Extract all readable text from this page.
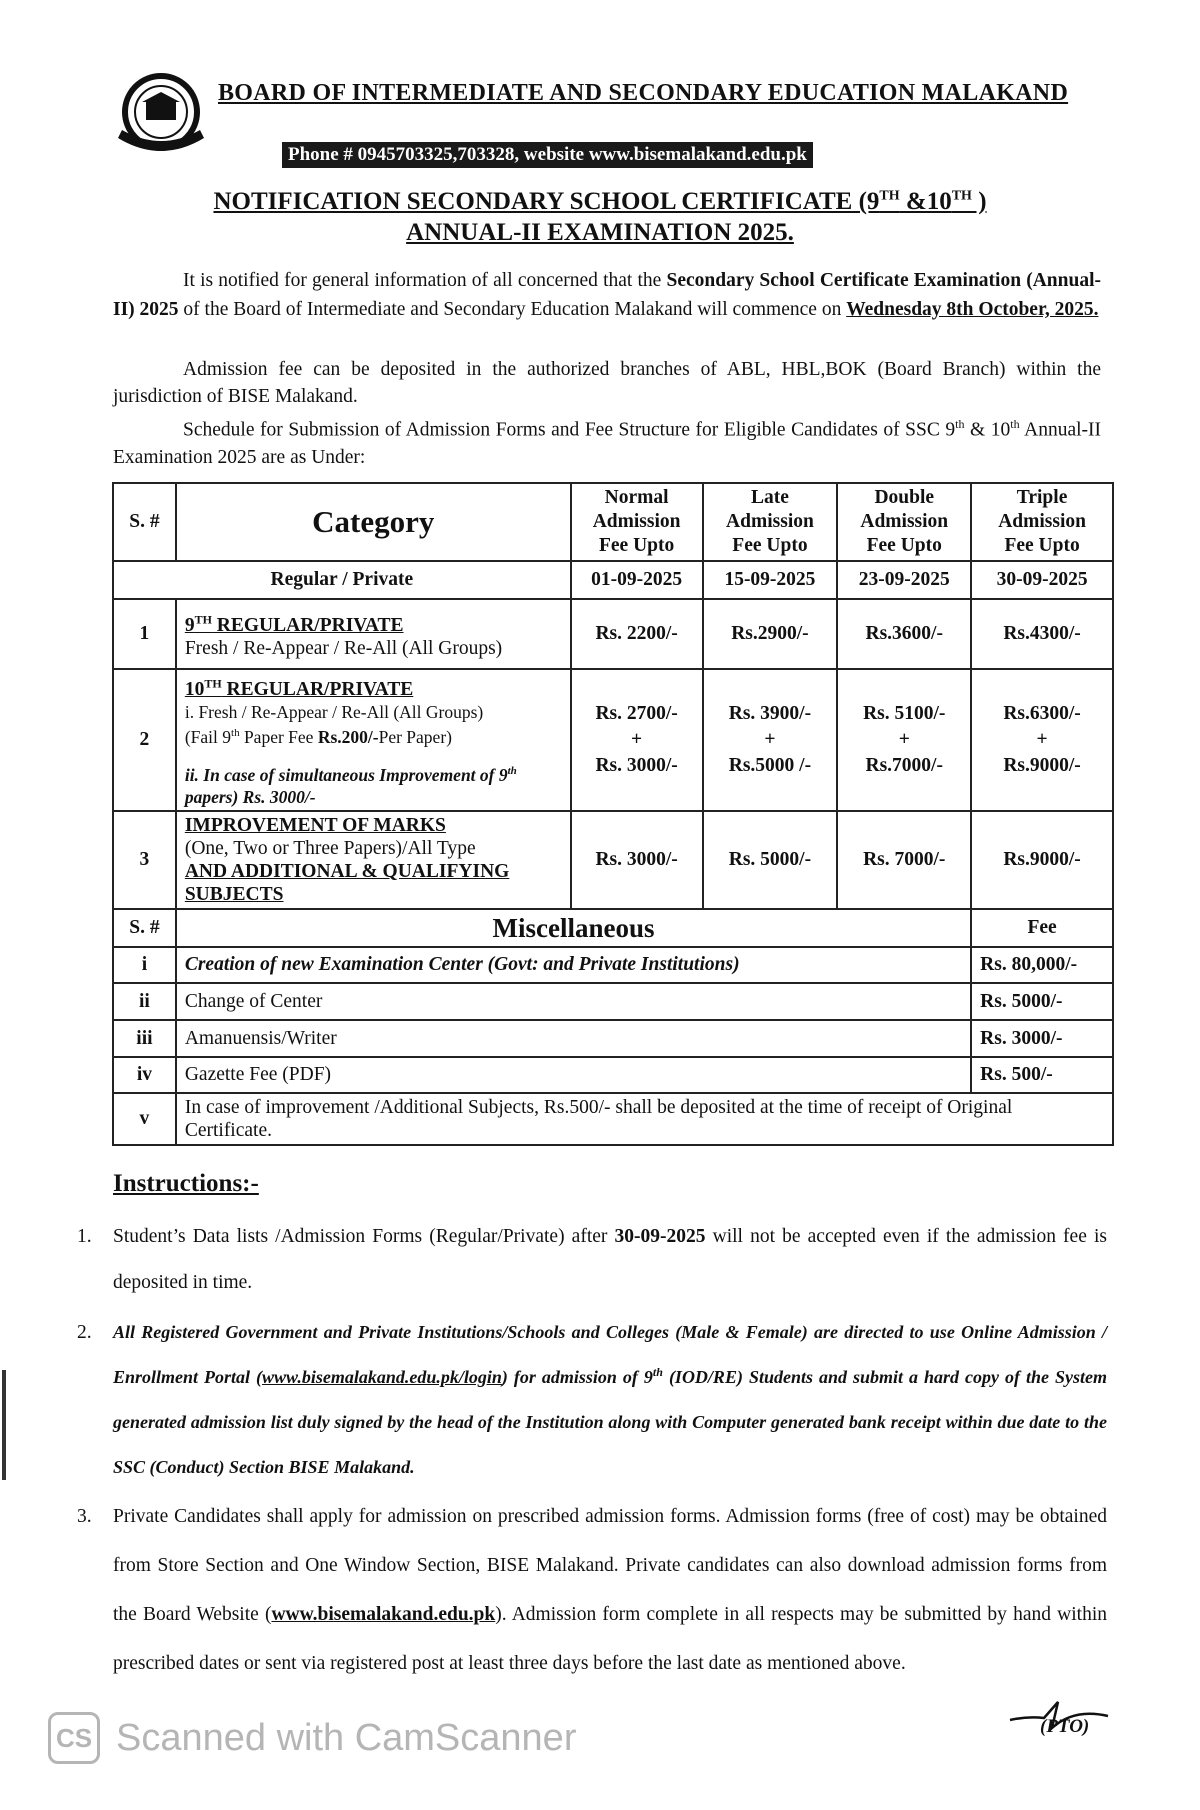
BOARD OF INTERMEDIATE AND SECONDARY EDUCATION MALAKAND
Phone # 0945703325,703328, website www.bisemalakand.edu.pk
NOTIFICATION SECONDARY SCHOOL CERTIFICATE (9TH &10TH )
ANNUAL-II EXAMINATION 2025.
It is notified for general information of all concerned that the Secondary School Certificate Examination (Annual-II) 2025 of the Board of Intermediate and Secondary Education Malakand will commence on Wednesday 8th October, 2025.
Admission fee can be deposited in the authorized branches of ABL, HBL,BOK (Board Branch) within the jurisdiction of BISE Malakand.
Schedule for Submission of Admission Forms and Fee Structure for Eligible Candidates of SSC 9th & 10th Annual-II Examination 2025 are as Under:
S. #	Category	Normal
Admission
Fee Upto	Late
Admission
Fee Upto	Double
Admission
Fee Upto	Triple
Admission
Fee Upto
Regular / Private		01-09-2025	15-09-2025	23-09-2025	30-09-2025
1	9TH REGULAR/PRIVATE
Fresh / Re-Appear / Re-All (All Groups)	Rs. 2200/-	Rs.2900/-	Rs.3600/-	Rs.4300/-
2	10TH REGULAR/PRIVATE
i. Fresh / Re-Appear / Re-All (All Groups)
(Fail 9th Paper Fee Rs.200/-Per Paper)

ii. In case of simultaneous Improvement of 9th papers) Rs. 3000/-	Rs. 2700/-
+
Rs. 3000/-	Rs. 3900/-
+
Rs.5000 /-	Rs. 5100/-
+
Rs.7000/-	Rs.6300/-
+
Rs.9000/-
3	IMPROVEMENT OF MARKS
(One, Two or Three Papers)/All Type
AND ADDITIONAL & QUALIFYING SUBJECTS	Rs. 3000/-	Rs. 5000/-	Rs. 7000/-	Rs.9000/-
S. #	Miscellaneous				Fee
i	Creation of new Examination Center (Govt: and Private Institutions)				Rs. 80,000/-
ii	Change of Center				Rs. 5000/-
iii	Amanuensis/Writer				Rs. 3000/-
iv	Gazette Fee (PDF)				Rs. 500/-
v	In case of improvement /Additional Subjects, Rs.500/- shall be deposited at the time of receipt of Original Certificate.				
Instructions:-
1.	Student’s Data lists /Admission Forms (Regular/Private) after 30-09-2025 will not be accepted even if the admission fee is deposited in time.
2.	All Registered Government and Private Institutions/Schools and Colleges (Male & Female) are directed to use Online Admission / Enrollment Portal (www.bisemalakand.edu.pk/login) for admission of 9th (IOD/RE) Students and submit a hard copy of the System generated admission list duly signed by the head of the Institution along with Computer generated bank receipt within due date to the SSC (Conduct) Section BISE Malakand.
3.	Private Candidates shall apply for admission on prescribed admission forms. Admission forms (free of cost) may be obtained from Store Section and One Window Section, BISE Malakand. Private candidates can also download admission forms from the Board Website (www.bisemalakand.edu.pk). Admission form complete in all respects may be submitted by hand within prescribed dates or sent via registered post at least three days before the last date as mentioned above.
(PTO)
CS Scanned with CamScanner
